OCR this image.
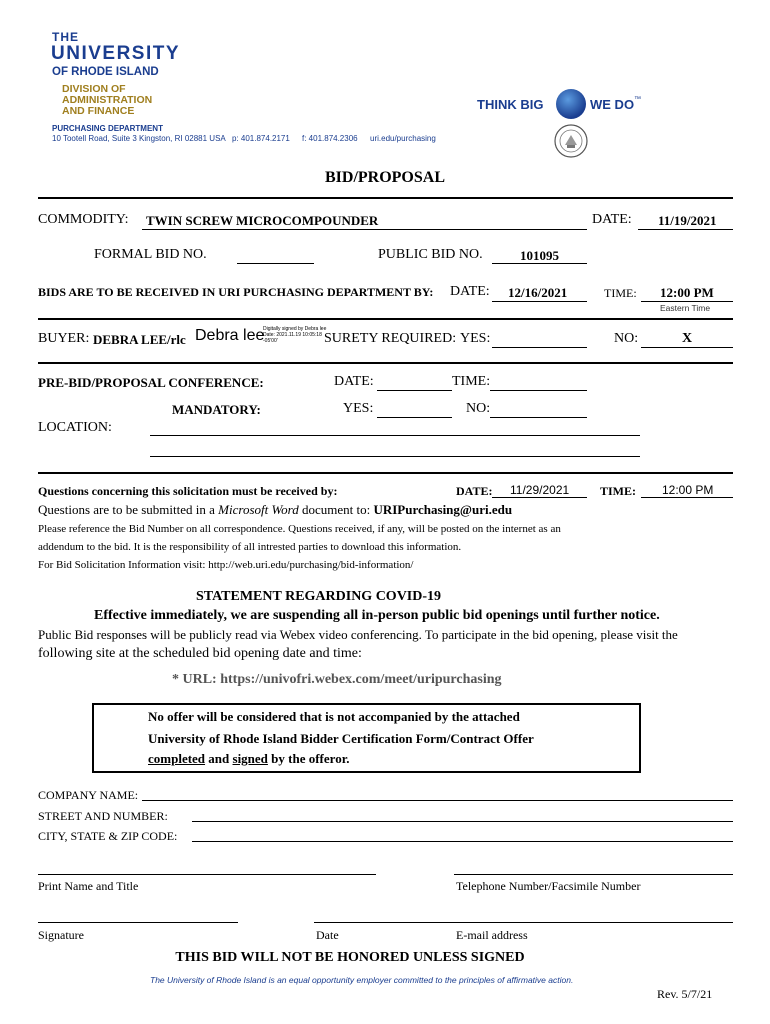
THE
UNIVERSITY
OF RHODE ISLAND
DIVISION OF
ADMINISTRATION
AND FINANCE
PURCHASING DEPARTMENT
10 Tootell Road, Suite 3 Kingston, RI 02881 USA p: 401.874.2171 f: 401.874.2306 uri.edu/purchasing
THINK BIG	WE DO ™
BID/PROPOSAL
COMMODITY: TWIN SCREW MICROCOMPOUNDER	DATE: 11/19/2021
FORMAL BID NO.	PUBLIC BID NO.	101095
BIDS ARE TO BE RECEIVED IN URI PURCHASING DEPARTMENT BY: DATE: 12/16/2021	TIME: 12:00 PM
Eastern Time
BUYER: DEBRA LEE/rlc Debra lee
Digitally signed by Debra lee
Date: 2021.11.19 10:05:18
-05'00'	SURETY REQUIRED: YES:	NO:	X
PRE-BID/PROPOSAL CONFERENCE:	DATE:	TIME:
MANDATORY:	YES:	NO:
LOCATION:
Questions concerning this solicitation must be received by:	DATE: 11/29/2021	TIME: 12:00 PM
Questions are to be submitted in a Microsoft Word document to: URIPurchasing@uri.edu
Please reference the Bid Number on all correspondence. Questions received, if any, will be posted on the internet as an
addendum to the bid. It is the responsibility of all intrested parties to download this information.
For Bid Solicitation Information visit: http://web.uri.edu/purchasing/bid-information/
STATEMENT REGARDING COVID-19
Effective immediately, we are suspending all in-person public bid openings until further notice.
Public Bid responses will be publicly read via Webex video conferencing. To participate in the bid opening, please visit the
following site at the scheduled bid opening date and time:
* URL: https://univofri.webex.com/meet/uripurchasing
No offer will be considered that is not accompanied by the attached
University of Rhode Island Bidder Certification Form/Contract Offer
completed and signed by the offeror.
COMPANY NAME:
STREET AND NUMBER:
CITY, STATE & ZIP CODE:
Print Name and Title	Telephone Number/Facsimile Number
Signature	Date	E-mail address
THIS BID WILL NOT BE HONORED UNLESS SIGNED
The University of Rhode Island is an equal opportunity employer committed to the principles of affirmative action.
Rev. 5/7/21
